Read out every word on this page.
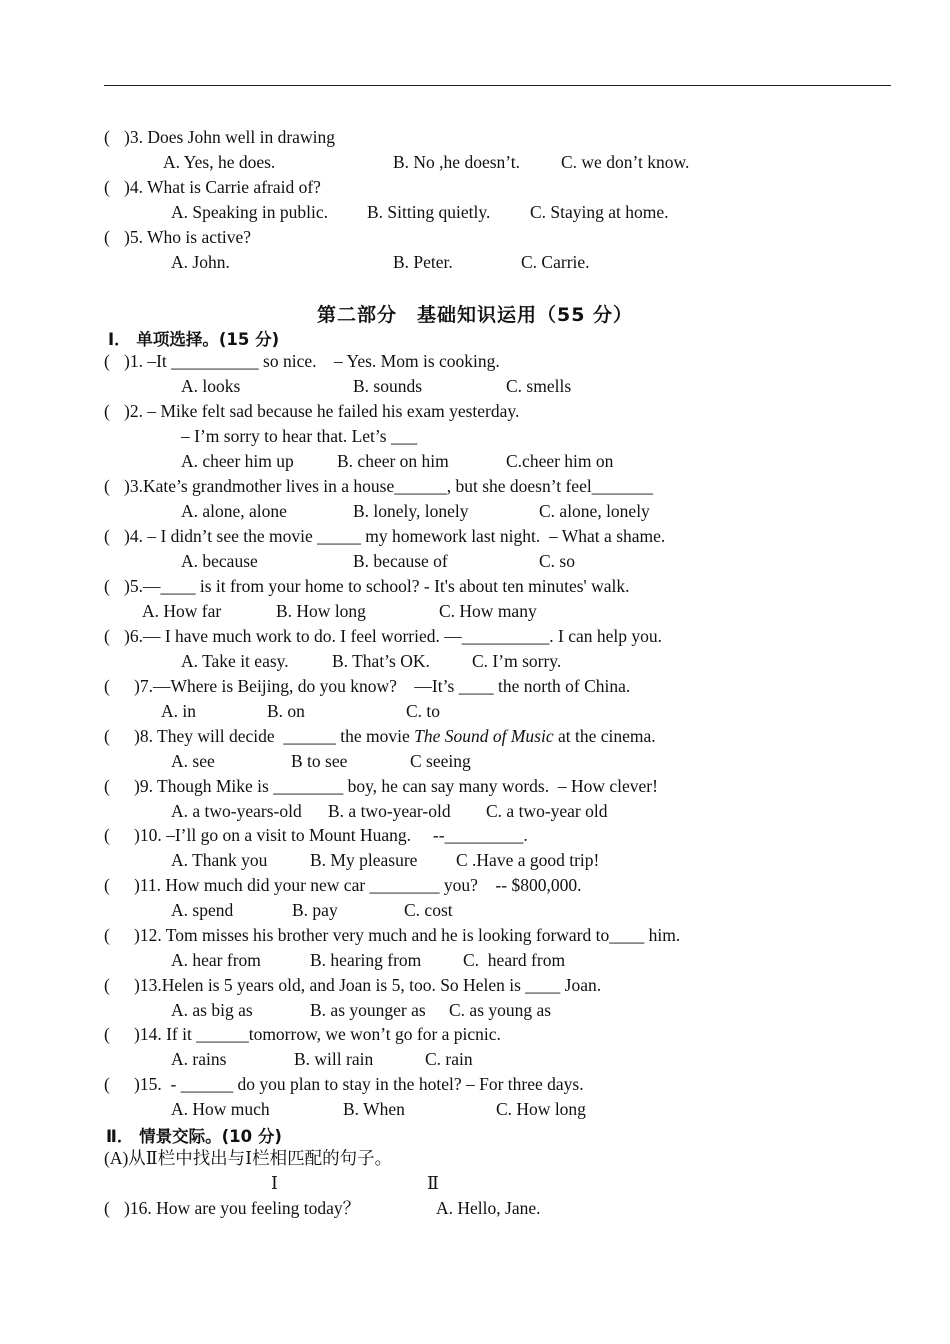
( )3. Does John well in drawing
A. Yes, he does.	B. No ,he doesn’t. C. we don’t know.
( )4. What is Carrie afraid of?
A. Speaking in public. B. Sitting quietly. C. Staying at home.
( )5. Who is active?
A. John.	B. Peter.	C. Carrie.
第二部分　基础知识运用（55 分）
Ⅰ． 单项选择。(15 分)
( )1. –It __________ so nice.    – Yes. Mom is cooking.
A. looks	B. sounds	C. smells
( )2. – Mike felt sad because he failed his exam yesterday.
– I’m sorry to hear that. Let’s ___
A. cheer him up B. cheer on him	C.cheer him on
( )3.Kate’s grandmother lives in a house______, but she doesn’t feel_______
A. alone, alone	B. lonely, lonely	C. alone, lonely
( )4. – I didn’t see the movie _____ my homework last night.  – What a shame.
A. because	B. because of	C. so
( )5.—____ is it from your home to school? - It's about ten minutes' walk.
A. How far	B. How long	C. How many
( )6.— I have much work to do. I feel worried. —__________. I can help you.
A. Take it easy. B. That’s OK. C. I’m sorry.
( )7.—Where is Beijing, do you know?    —It’s ____ the north of China.
A. in	B. on	C. to
( )8. They will decide  ______ the movie The Sound of Music at the cinema.
A. see	B to see	C seeing
( )9. Though Mike is ________ boy, he can say many words.  – How clever!
A. a two-years-old B. a two-year-old C. a two-year old
( )10. –I’ll go on a visit to Mount Huang.     --_________.
A. Thank you B. My pleasure C .Have a good trip!
( )11. How much did your new car ________ you?    -- $800,000.
A. spend	B. pay	C. cost
( )12. Tom misses his brother very much and he is looking forward to____ him.
A. hear from	B. hearing from C.  heard from
( )13.Helen is 5 years old, and Joan is 5, too. So Helen is ____ Joan.
A. as big as	B. as younger as C. as young as
( )14. If it ______tomorrow, we won’t go for a picnic.
A. rains	B. will rain	C. rain
( )15.  - ______ do you plan to stay in the hotel? – For three days.
A. How much	B. When	C. How long
Ⅱ． 情景交际。(10 分)
(A)从Ⅱ栏中找出与Ⅰ栏相匹配的句子。
Ⅰ	Ⅱ
( )16. How are you feeling today？	A. Hello, Jane.
